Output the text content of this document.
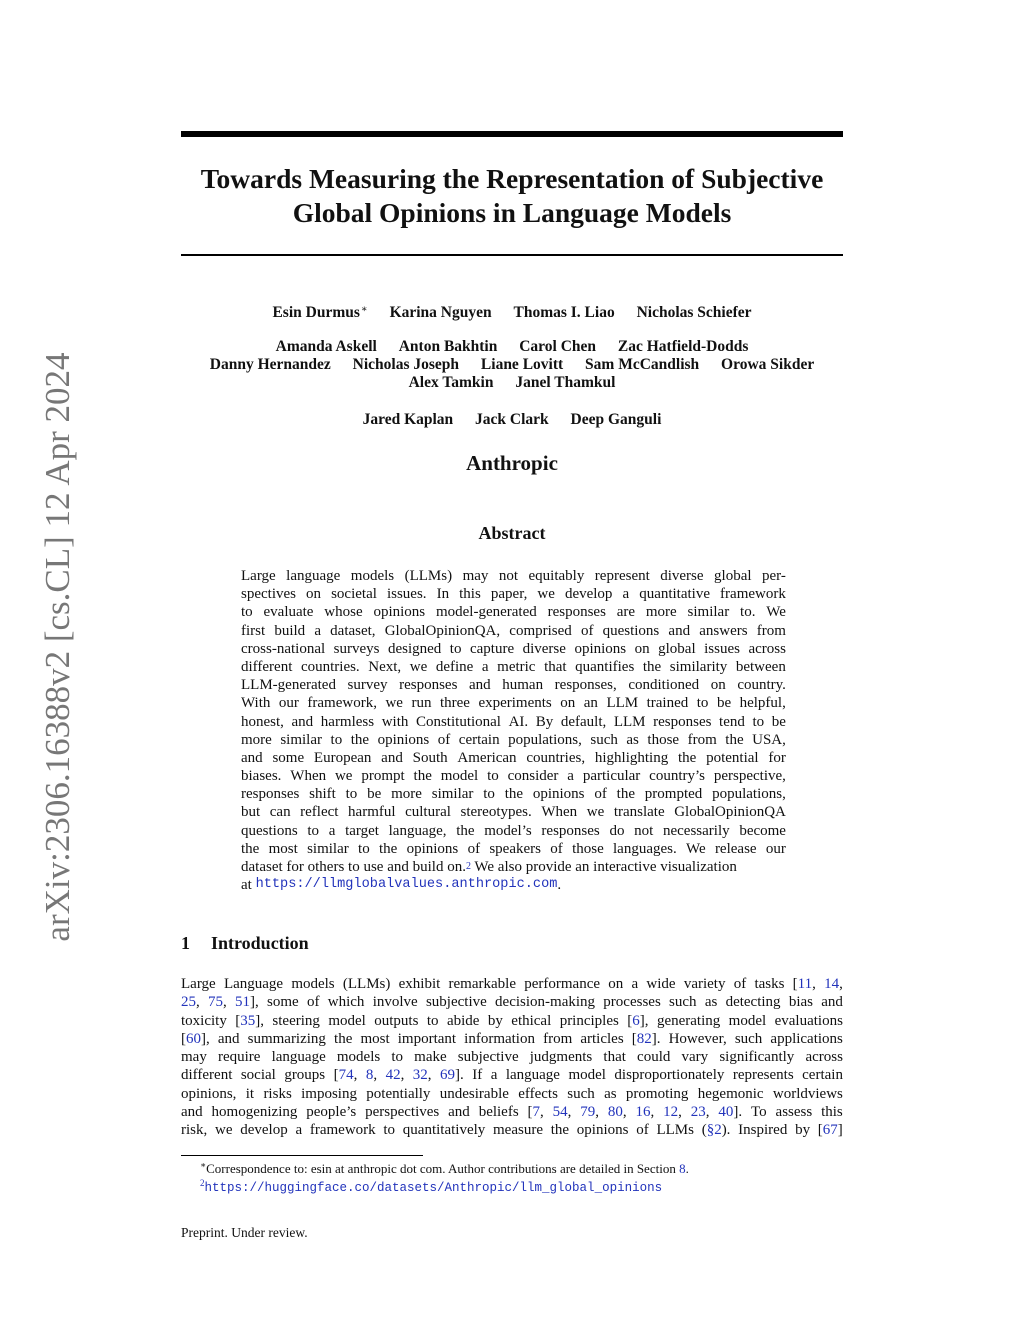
arXiv:2306.16388v2 [cs.CL] 12 Apr 2024
Towards Measuring the Representation of Subjective
Global Opinions in Language Models
Esin Durmus∗ Karina Nguyen Thomas I. Liao Nicholas Schiefer
Amanda Askell Anton Bakhtin Carol Chen Zac Hatfield-Dodds
Danny Hernandez Nicholas Joseph Liane Lovitt Sam McCandlish Orowa Sikder
Alex Tamkin Janel Thamkul
Jared Kaplan Jack Clark Deep Ganguli
Anthropic
Abstract
Large language models (LLMs) may not equitably represent diverse global per-
spectives on societal issues. In this paper, we develop a quantitative framework
to evaluate whose opinions model-generated responses are more similar to. We
first build a dataset, GlobalOpinionQA, comprised of questions and answers from
cross-national surveys designed to capture diverse opinions on global issues across
different countries. Next, we define a metric that quantifies the similarity between
LLM-generated survey responses and human responses, conditioned on country.
With our framework, we run three experiments on an LLM trained to be helpful,
honest, and harmless with Constitutional AI. By default, LLM responses tend to be
more similar to the opinions of certain populations, such as those from the USA,
and some European and South American countries, highlighting the potential for
biases. When we prompt the model to consider a particular country’s perspective,
responses shift to be more similar to the opinions of the prompted populations,
but can reflect harmful cultural stereotypes. When we translate GlobalOpinionQA
questions to a target language, the model’s responses do not necessarily become
the most similar to the opinions of speakers of those languages. We release our
dataset for others to use and build on. 2 We also provide an interactive visualization
at https://llmglobalvalues.anthropic.com .
1 Introduction
Large Language models (LLMs) exhibit remarkable performance on a wide variety of tasks [11, 14,
25, 75, 51], some of which involve subjective decision-making processes such as detecting bias and
toxicity [35], steering model outputs to abide by ethical principles [6], generating model evaluations
[60], and summarizing the most important information from articles [82]. However, such applications
may require language models to make subjective judgments that could vary significantly across
different social groups [74, 8, 42, 32, 69]. If a language model disproportionately represents certain
opinions, it risks imposing potentially undesirable effects such as promoting hegemonic worldviews
and homogenizing people’s perspectives and beliefs [7, 54, 79, 80, 16, 12, 23, 40]. To assess this
risk, we develop a framework to quantitatively measure the opinions of LLMs (§2). Inspired by [67]
∗Correspondence to: esin at anthropic dot com. Author contributions are detailed in Section 8.
$^2$https://huggingface.co/datasets/Anthropic/llm_global_opinions
Preprint. Under review.
